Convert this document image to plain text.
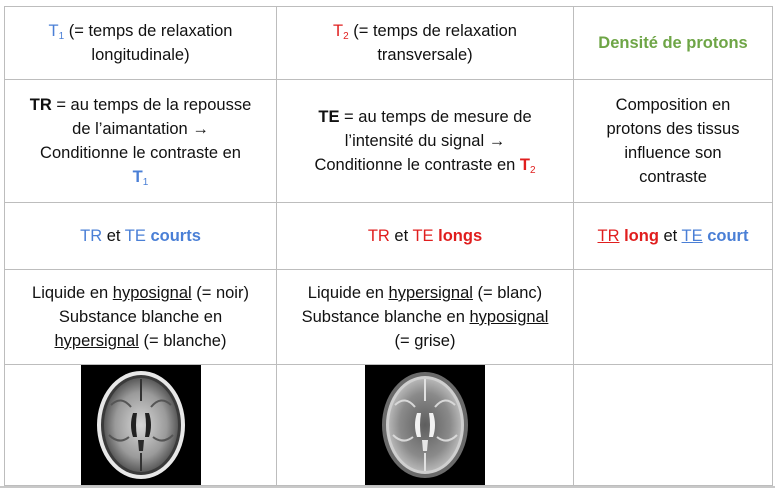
$T_1$ (= temps de relaxation
longitudinale)	$T_2$ (= temps de relaxation
transversale)	Densité de protons
TR = au temps de la repousse
de l’aimantation →
Conditionne le contraste en
$T_1$	TE = au temps de mesure de
l’intensité du signal →
Conditionne le contraste en $T_2$	Composition en
protons des tissus
influence son
contraste
TR et TE courts	TR et TE longs	TR long et TE court
Liquide en hyposignal (= noir)
Substance blanche en
hypersignal (= blanche)	Liquide en hypersignal (= blanc)
Substance blanche en hyposignal
(= grise)	
